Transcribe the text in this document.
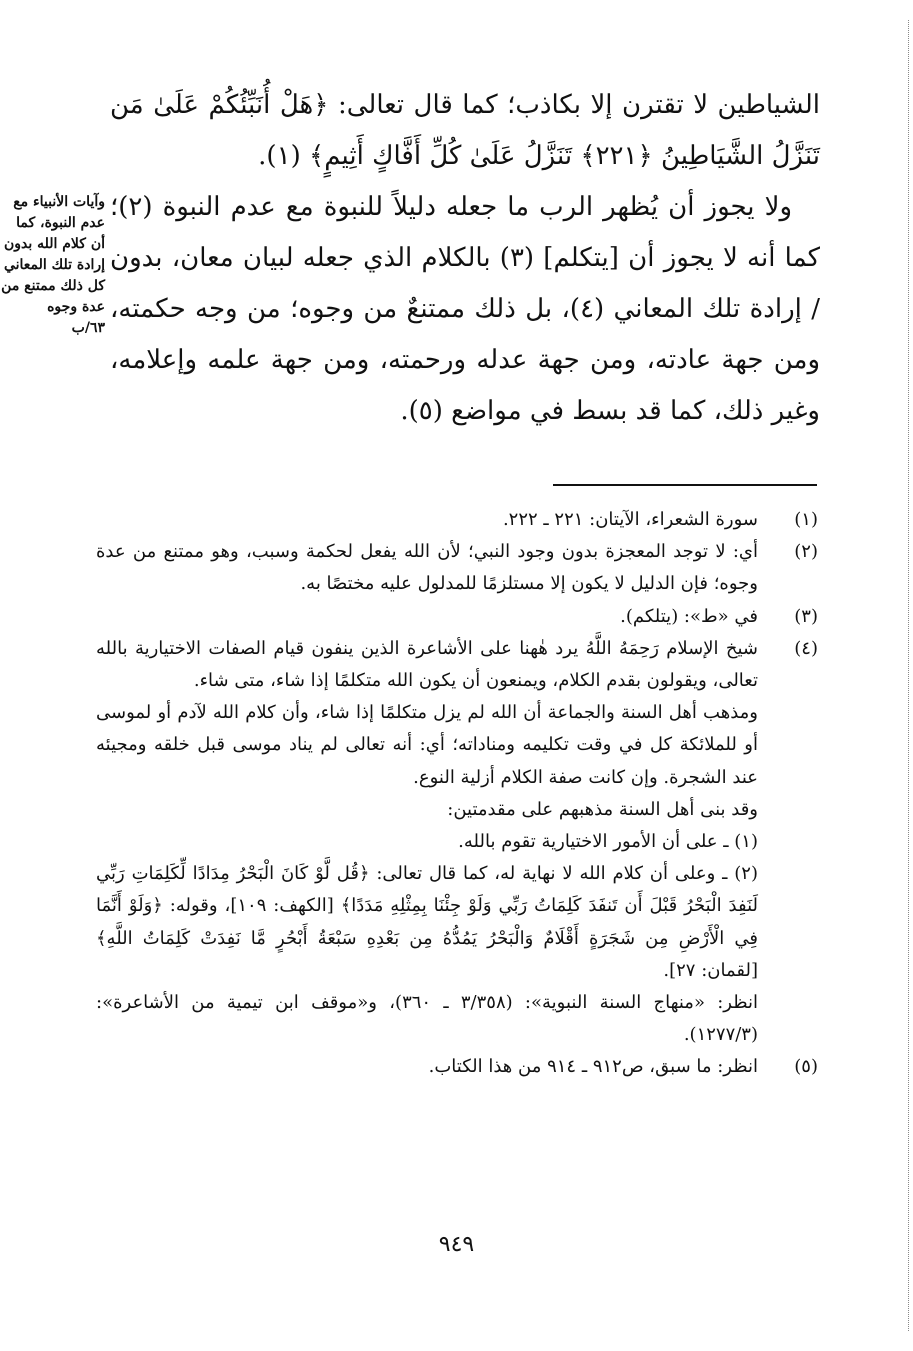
وآيات الأنبياء مع عدم النبوة، كما أن كلام الله بدون إرادة تلك المعاني كل ذلك ممتنع من عدة وجوه
٦٣/ب

الشياطين لا تقترن إلا بكاذب؛ كما قال تعالى: ﴿هَلْ أُنَبِّئُكُمْ عَلَىٰ مَن تَنَزَّلُ الشَّيَاطِينُ ﴿٢٢١﴾ تَنَزَّلُ عَلَىٰ كُلِّ أَفَّاكٍ أَثِيمٍ﴾ (١).

ولا يجوز أن يُظهر الرب ما جعله دليلاً للنبوة مع عدم النبوة (٢)؛ كما أنه لا يجوز أن [يتكلم] (٣) بالكلام الذي جعله لبيان معان، بدون / إرادة تلك المعاني (٤)، بل ذلك ممتنعٌ من وجوه؛ من وجه حكمته، ومن جهة عادته، ومن جهة عدله ورحمته، ومن جهة علمه وإعلامه، وغير ذلك، كما قد بسط في مواضع (٥).

(١)
سورة الشعراء، الآيتان: ٢٢١ ـ ٢٢٢.
(٢)
أي: لا توجد المعجزة بدون وجود النبي؛ لأن الله يفعل لحكمة وسبب، وهو ممتنع من عدة وجوه؛ فإن الدليل لا يكون إلا مستلزمًا للمدلول عليه مختصًا به.
(٣)
في «ط»: (يتلكم).
(٤)

شيخ الإسلام رَحِمَهُ اللَّهُ يرد هٰهنا على الأشاعرة الذين ينفون قيام الصفات الاختيارية بالله تعالى، ويقولون بقدم الكلام، ويمنعون أن يكون الله متكلمًا إذا شاء، متى شاء.

ومذهب أهل السنة والجماعة أن الله لم يزل متكلمًا إذا شاء، وأن كلام الله لآدم أو لموسى أو للملائكة كل في وقت تكليمه ومناداته؛ أي: أنه تعالى لم يناد موسى قبل خلقه ومجيئه عند الشجرة. وإن كانت صفة الكلام أزلية النوع.

وقد بنى أهل السنة مذهبهم على مقدمتين:

(١) ـ على أن الأمور الاختيارية تقوم بالله.

(٢) ـ وعلى أن كلام الله لا نهاية له، كما قال تعالى: ﴿قُل لَّوْ كَانَ الْبَحْرُ مِدَادًا لِّكَلِمَاتِ رَبِّي لَنَفِدَ الْبَحْرُ قَبْلَ أَن تَنفَدَ كَلِمَاتُ رَبِّي وَلَوْ جِئْنَا بِمِثْلِهِ مَدَدًا﴾ [الكهف: ١٠٩]، وقوله: ﴿وَلَوْ أَنَّمَا فِي الْأَرْضِ مِن شَجَرَةٍ أَقْلَامٌ وَالْبَحْرُ يَمُدُّهُ مِن بَعْدِهِ سَبْعَةُ أَبْحُرٍ مَّا نَفِدَتْ كَلِمَاتُ اللَّهِ﴾ [لقمان: ٢٧].

انظر: «منهاج السنة النبوية»: (٣/٣٥٨ ـ ٣٦٠)، و«موقف ابن تيمية من الأشاعرة»: (١٢٧٧/٣).

(٥)
انظر: ما سبق، ص٩١٢ ـ ٩١٤ من هذا الكتاب.
٩٤٩
